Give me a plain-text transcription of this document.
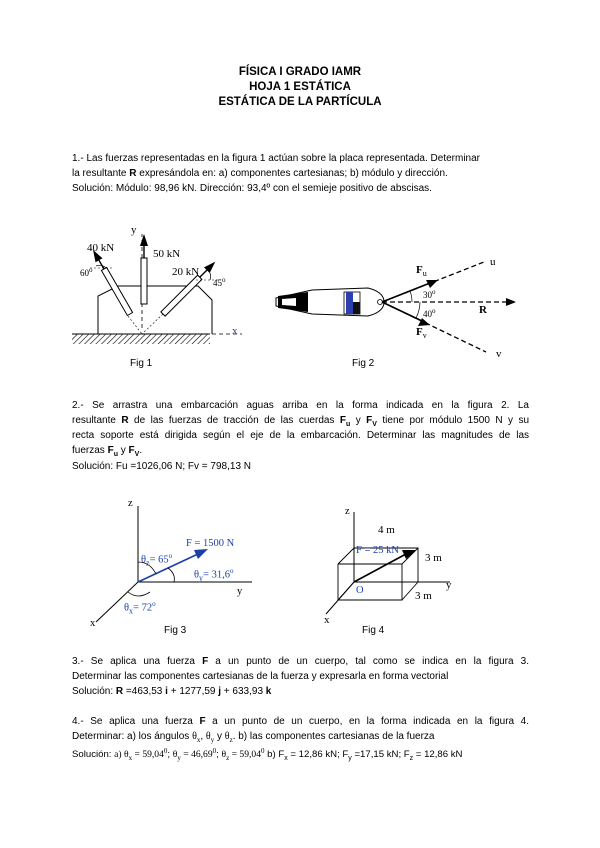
FÍSICA I GRADO IAMR
HOJA 1 ESTÁTICA
ESTÁTICA DE LA PARTÍCULA
1.- Las fuerzas representadas en la figura 1 actúan sobre la placa representada. Determinar
la resultante R expresándola en: a) componentes cartesianas; b) módulo y dirección.
Solución: Módulo: 98,96 kN. Dirección: 93,4º con el semieje positivo de abscisas.
40 kN	50 kN
20 kN
60$^o$
45$^o$
y
x
Fig 1
$F_u$
$F_v$
u
v
R
30$^o$
40$^o$
Fig 2
2.- Se arrastra una embarcación aguas arriba en la forma indicada en la figura 2. La
resultante R de las fuerzas de tracción de las cuerdas $F_u$ y $F_V$ tiene por módulo 1500 N y su
recta soporte está dirigida según el eje de la embarcación. Determinar las magnitudes de las
fuerzas $F_u$ y $F_V$.
Solución: Fu =1026,06 N; Fv = 798,13 N
z
y
x
F = 1500 N
$\theta_z= 65^o$
$\theta_y= 31,6^o$
$\theta_x= 72^o$
Fig 3
z
4 m
F = 25 kN
3 m
3 m
O	y
x
Fig 4
3.- Se aplica una fuerza F a un punto de un cuerpo, tal como se indica en la figura 3.
Determinar las componentes cartesianas de la fuerza y expresarla en forma vectorial
Solución: R =463,53 i + 1277,59 j + 633,93 k
4.- Se aplica una fuerza F a un punto de un cuerpo, en la forma indicada en la figura 4.
Determinar: a) los ángulos $\theta_x$, $\theta_y$ y $\theta_z$. b) las componentes cartesianas de la fuerza
Solución: a) $\theta_x = 59,04^0$; $\theta_y = 46,69^0$; $\theta_z = 59,04^0$ b) $F_x = 12,86$ kN; $F_y =17,15$ kN; $F_z = 12,86$ kN
